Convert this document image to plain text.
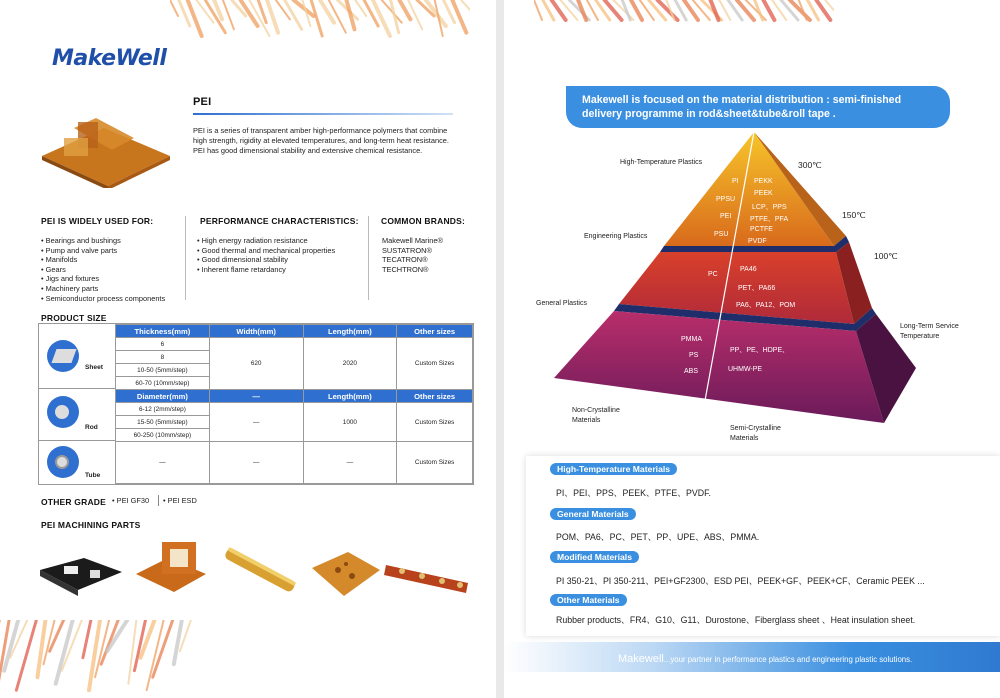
MakeWell
PEI
PEI is a series of transparent amber high-performance polymers that combine high strength, rigidity at elevated temperatures, and long-term heat resistance.
PEI has good dimensional stability and extensive chemical resistance.
PEI IS WIDELY USED FOR:
• Bearings and bushings
• Pump and valve parts
• Manifolds
• Gears
• Jigs and fixtures
• Machinery parts
• Semiconductor process components
PERFORMANCE CHARACTERISTICS:
• High energy radiation resistance
• Good thermal and mechanical properties
• Good dimensional stability
• Inherent flame retardancy
COMMON BRANDS:
Makewell Marine®
SUSTATRON®
TECATRON®
TECHTRON®
PRODUCT SIZE
Sheet
Rod
Tube
Thickness(mm)	Width(mm)	Length(mm)	Other sizes
6	620	2020	Custom Sizes
8			
10-50 (5mm/step)			
60-70 (10mm/step)			
Diameter(mm)	—	Length(mm)	Other sizes
6-12 (2mm/step)	—	1000	Custom Sizes
15-50 (5mm/step)			
60-250 (10mm/step)			
—	—	—	Custom Sizes
OTHER GRADE • PEI GF30 • PEI ESD
PEI MACHINING PARTS
Makewell is focused on the material distribution : semi-finished
delivery programme in rod&sheet&tube&roll tape .
High-Temperature Plastics
Engineering Plastics
General Plastics
300℃
150℃
100℃
Long-Term Service
Temperature
Non-Crystalline
Materials
Semi-Crystalline
Materials
PI
PPSU
PEI
PSU
PEKK
PEEK
LCP、PPS
PTFE、PFA
PCTFE
PVDF
PC
PA46
PET、PA66
PA6、PA12、POM
PMMA
PS
ABS
PP、PE、HDPE、
UHMW-PE
High-Temperature Materials
PI、PEI、PPS、PEEK、PTFE、PVDF.
General Materials
POM、PA6、PC、PET、PP、UPE、ABS、PMMA.
Modified Materials
PI 350-21、PI 350-211、PEI+GF2300、ESD PEI、PEEK+GF、PEEK+CF、Ceramic PEEK ...
Other Materials
Rubber products、FR4、G10、G11、Durostone、Fiberglass sheet 、Heat insulation sheet.
Makewell...your partner in performance plastics and engineering plastic solutions.
